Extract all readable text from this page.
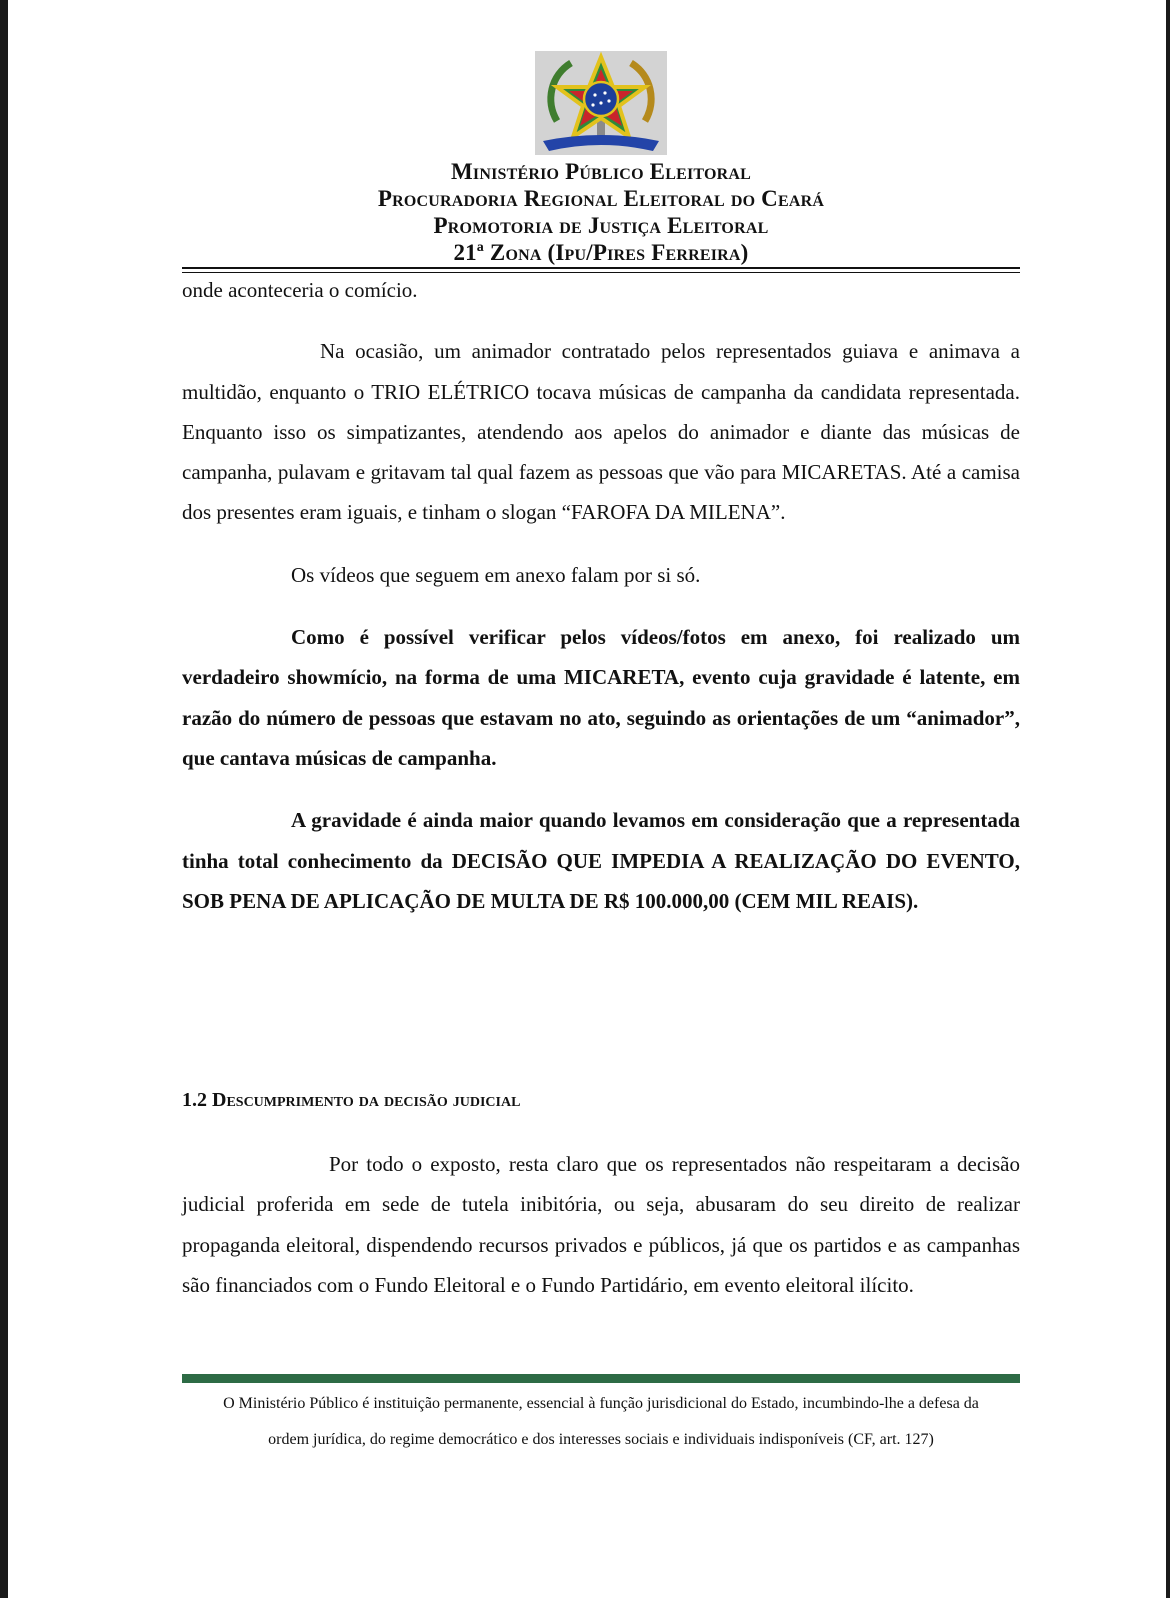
Ministério Público Eleitoral
Procuradoria Regional Eleitoral do Ceará
Promotoria de Justiça Eleitoral
21ª Zona (Ipu/Pires Ferreira)

onde aconteceria o comício.

Na ocasião, um animador contratado pelos representados guiava e animava a multidão, enquanto o TRIO ELÉTRICO tocava músicas de campanha da candidata representada. Enquanto isso os simpatizantes, atendendo aos apelos do animador e diante das músicas de campanha, pulavam e gritavam tal qual fazem as pessoas que vão para MICARETAS. Até a camisa dos presentes eram iguais, e tinham o slogan “FAROFA DA MILENA”.

Os vídeos que seguem em anexo falam por si só.

Como é possível verificar pelos vídeos/fotos em anexo, foi realizado um verdadeiro showmício, na forma de uma MICARETA, evento cuja gravidade é latente, em razão do número de pessoas que estavam no ato, seguindo as orientações de um “animador”, que cantava músicas de campanha.

A gravidade é ainda maior quando levamos em consideração que a representada tinha total conhecimento da DECISÃO QUE IMPEDIA A REALIZAÇÃO DO EVENTO, SOB PENA DE APLICAÇÃO DE MULTA DE R$ 100.000,00 (CEM MIL REAIS).

1.2 Descumprimento da decisão judicial

Por todo o exposto, resta claro que os representados não respeitaram a decisão judicial proferida em sede de tutela inibitória, ou seja, abusaram do seu direito de realizar propaganda eleitoral, dispendendo recursos privados e públicos, já que os partidos e as campanhas são financiados com o Fundo Eleitoral e o Fundo Partidário, em evento eleitoral ilícito.

O Ministério Público é instituição permanente, essencial à função jurisdicional do Estado, incumbindo-lhe a defesa da
ordem jurídica, do regime democrático e dos interesses sociais e individuais indisponíveis (CF, art. 127)
